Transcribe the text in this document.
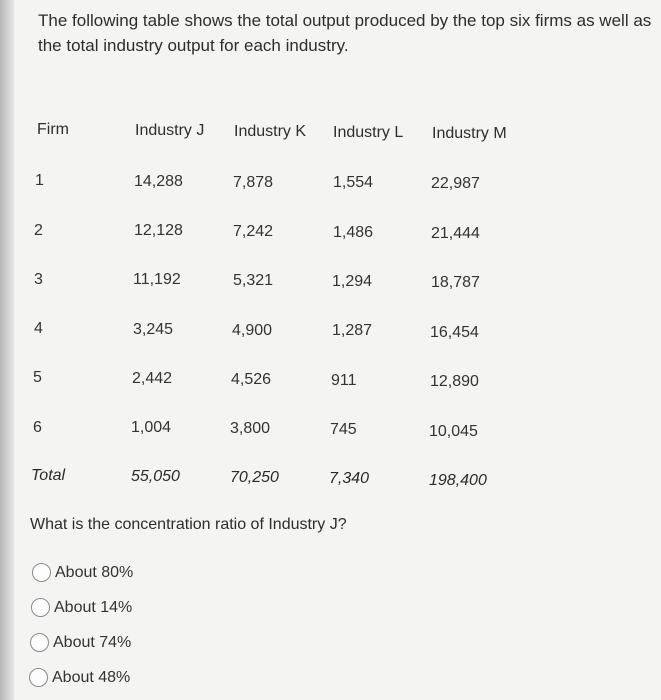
The following table shows the total output produced by the top six firms as well as the total industry output for each industry.
Firm	Industry J Industry K Industry L Industry M
1	14,288	7,878	1,554	22,987
2	12,128	7,242	1,486	21,444
3	11,192	5,321	1,294	18,787
4	3,245	4,900	1,287	16,454
5	2,442	4,526	911	12,890
6	1,004	3,800	745	10,045
Total	55,050	70,250	7,340	198,400
What is the concentration ratio of Industry J?
About 80%
About 14%
About 74%
About 48%
